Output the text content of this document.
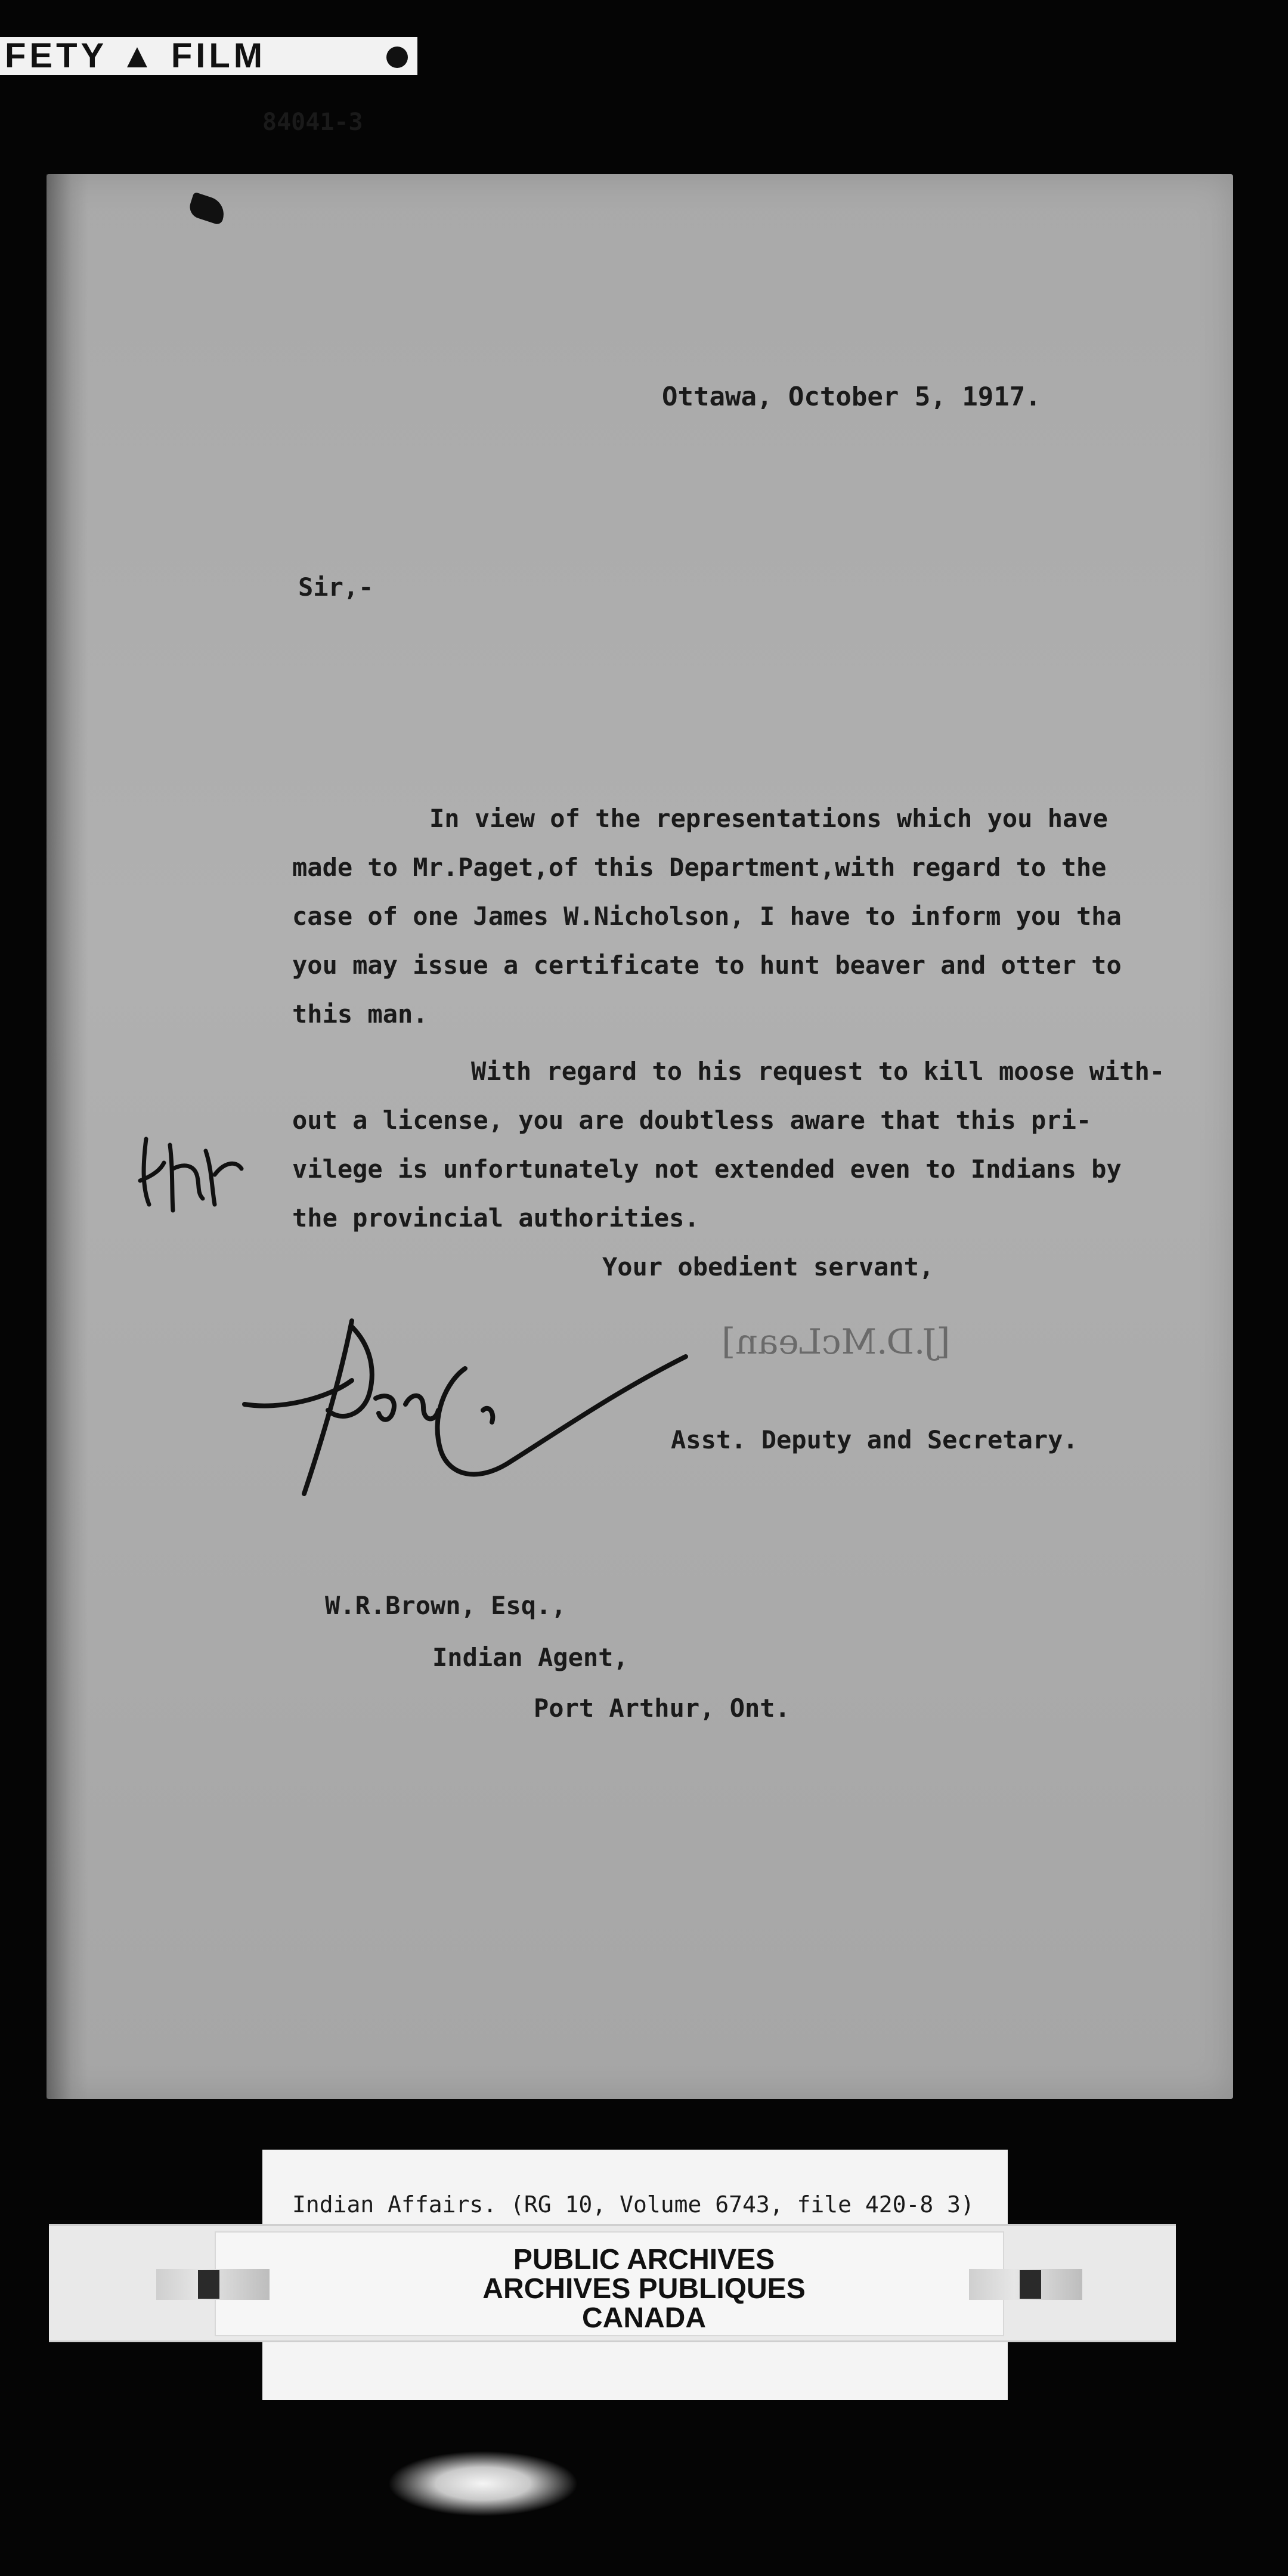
FETY ▲ FILM
84041-3
Ottawa, October 5, 1917.
Sir,-
In view of the representations which you have
made to Mr.Paget,of this Department,with regard to the
case of one James W.Nicholson, I have to inform you tha
you may issue a certificate to hunt beaver and otter to
this man.
With regard to his request to kill moose with-
out a license, you are doubtless aware that this pri-
vilege is unfortunately not extended even to Indians by
the provincial authorities.
Your obedient servant,
[J.D.McLean]
Asst. Deputy and Secretary.
W.R.Brown, Esq.,
Indian Agent,
Port Arthur, Ont.
Indian Affairs. (RG 10, Volume 6743, file 420-8 3)
PUBLIC ARCHIVES
ARCHIVES PUBLIQUES
CANADA
